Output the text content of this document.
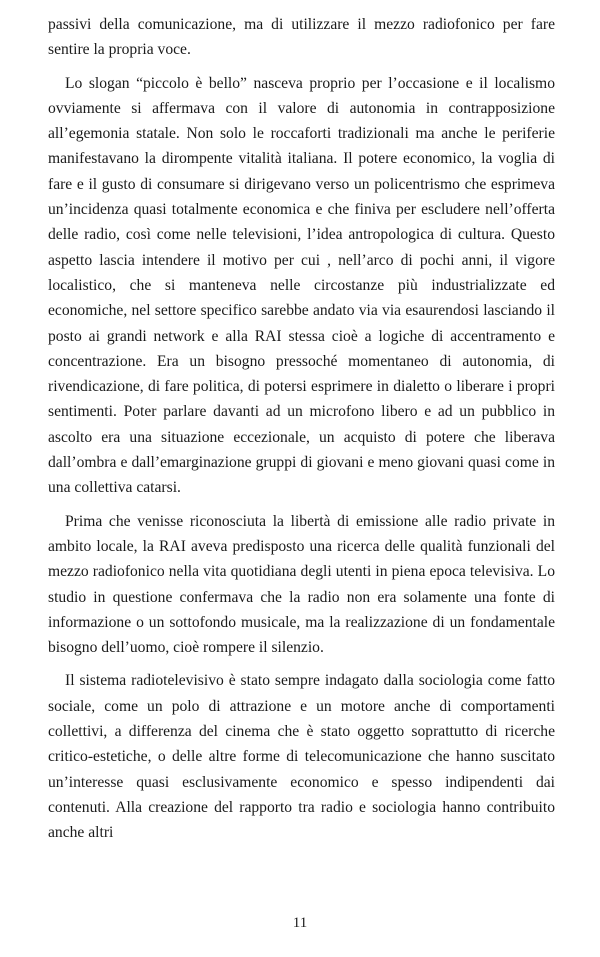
passivi della comunicazione, ma di utilizzare il mezzo radiofonico per fare sentire la propria voce.

Lo slogan “piccolo è bello” nasceva proprio per l’occasione e il localismo ovviamente si affermava con il valore di autonomia in contrapposizione all’egemonia statale. Non solo le roccaforti tradizionali ma anche le periferie manifestavano la dirompente vitalità italiana. Il potere economico, la voglia di fare e il gusto di consumare si dirigevano verso un policentrismo che esprimeva un’incidenza quasi totalmente economica e che finiva per escludere nell’offerta delle radio, così come nelle televisioni, l’idea antropologica di cultura. Questo aspetto lascia intendere il motivo per cui , nell’arco di pochi anni, il vigore localistico, che si manteneva nelle circostanze più industrializzate ed economiche, nel settore specifico sarebbe andato via via esaurendosi lasciando il posto ai grandi network e alla RAI stessa cioè a logiche di accentramento e concentrazione. Era un bisogno pressoché momentaneo di autonomia, di rivendicazione, di fare politica, di potersi esprimere in dialetto o liberare i propri sentimenti. Poter parlare davanti ad un microfono libero e ad un pubblico in ascolto era una situazione eccezionale, un acquisto di potere che liberava dall’ombra e dall’emarginazione gruppi di giovani e meno giovani quasi come in una collettiva catarsi.

Prima che venisse riconosciuta la libertà di emissione alle radio private in ambito locale, la RAI aveva predisposto una ricerca delle qualità funzionali del mezzo radiofonico nella vita quotidiana degli utenti in piena epoca televisiva. Lo studio in questione confermava che la radio non era solamente una fonte di informazione o un sottofondo musicale, ma la realizzazione di un fondamentale bisogno dell’uomo, cioè rompere il silenzio.

Il sistema radiotelevisivo è stato sempre indagato dalla sociologia come fatto sociale, come un polo di attrazione e un motore anche di comportamenti collettivi, a differenza del cinema che è stato oggetto soprattutto di ricerche critico-estetiche, o delle altre forme di telecomunicazione che hanno suscitato un’interesse quasi esclusivamente economico e spesso indipendenti dai contenuti. Alla creazione del rapporto tra radio e sociologia hanno contribuito anche altri

11
